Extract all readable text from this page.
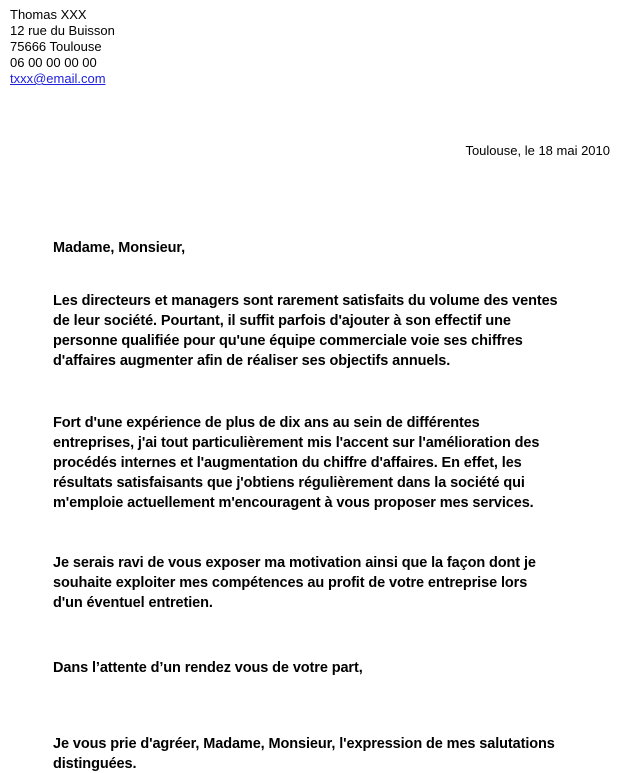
Thomas XXX
12 rue du Buisson
75666 Toulouse
06 00 00 00 00
txxx@email.com
Toulouse, le 18 mai 2010
Madame, Monsieur,
Les directeurs et managers sont rarement satisfaits du volume des ventes
de leur société. Pourtant, il suffit parfois d'ajouter à son effectif une
personne qualifiée pour qu'une équipe commerciale voie ses chiffres
d'affaires augmenter afin de réaliser ses objectifs annuels.
Fort d'une expérience de plus de dix ans au sein de différentes
entreprises, j'ai tout particulièrement mis l'accent sur l'amélioration des
procédés internes et l'augmentation du chiffre d'affaires. En effet, les
résultats satisfaisants que j'obtiens régulièrement dans la société qui
m'emploie actuellement m'encouragent à vous proposer mes services.
Je serais ravi de vous exposer ma motivation ainsi que la façon dont je
souhaite exploiter mes compétences au profit de votre entreprise lors
d'un éventuel entretien.
Dans l’attente d’un rendez vous de votre part,
Je vous prie d'agréer, Madame, Monsieur, l'expression de mes salutations
distinguées.
